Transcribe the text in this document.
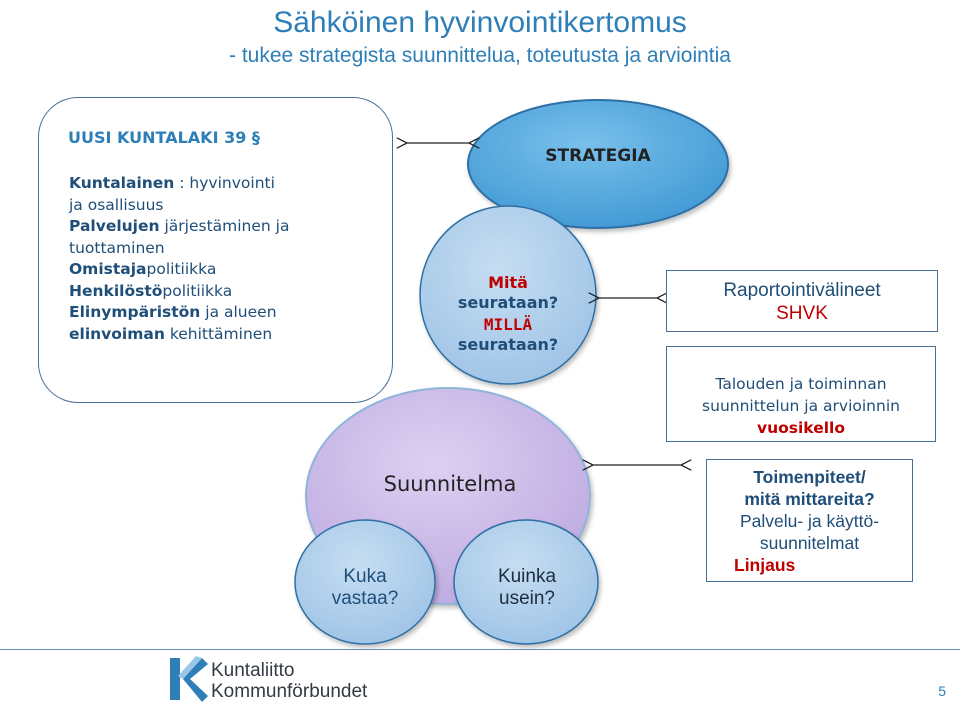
Sähköinen hyvinvointikertomus
- tukee strategista suunnittelua, toteutusta ja arviointia
UUSI KUNTALAKI 39 §
Kuntalainen : hyvinvointi
ja osallisuus
Palvelujen järjestäminen ja
tuottaminen
Omistajapolitiikka
Henkilöstöpolitiikka
Elinympäristön ja alueen
elinvoiman kehittäminen
STRATEGIA
Mitä
seurataan?
MILLÄ
seurataan?
Suunnitelma
Kuka
vastaa?
Kuinka
usein?
Raportointivälineet
SHVK
Talouden ja toiminnan
suunnittelun ja arvioinnin
vuosikello
Toimenpiteet/
mitä mittareita?
Palvelu- ja käyttö-
suunnitelmat
Linjaus
Kuntaliitto
Kommunförbundet	5
